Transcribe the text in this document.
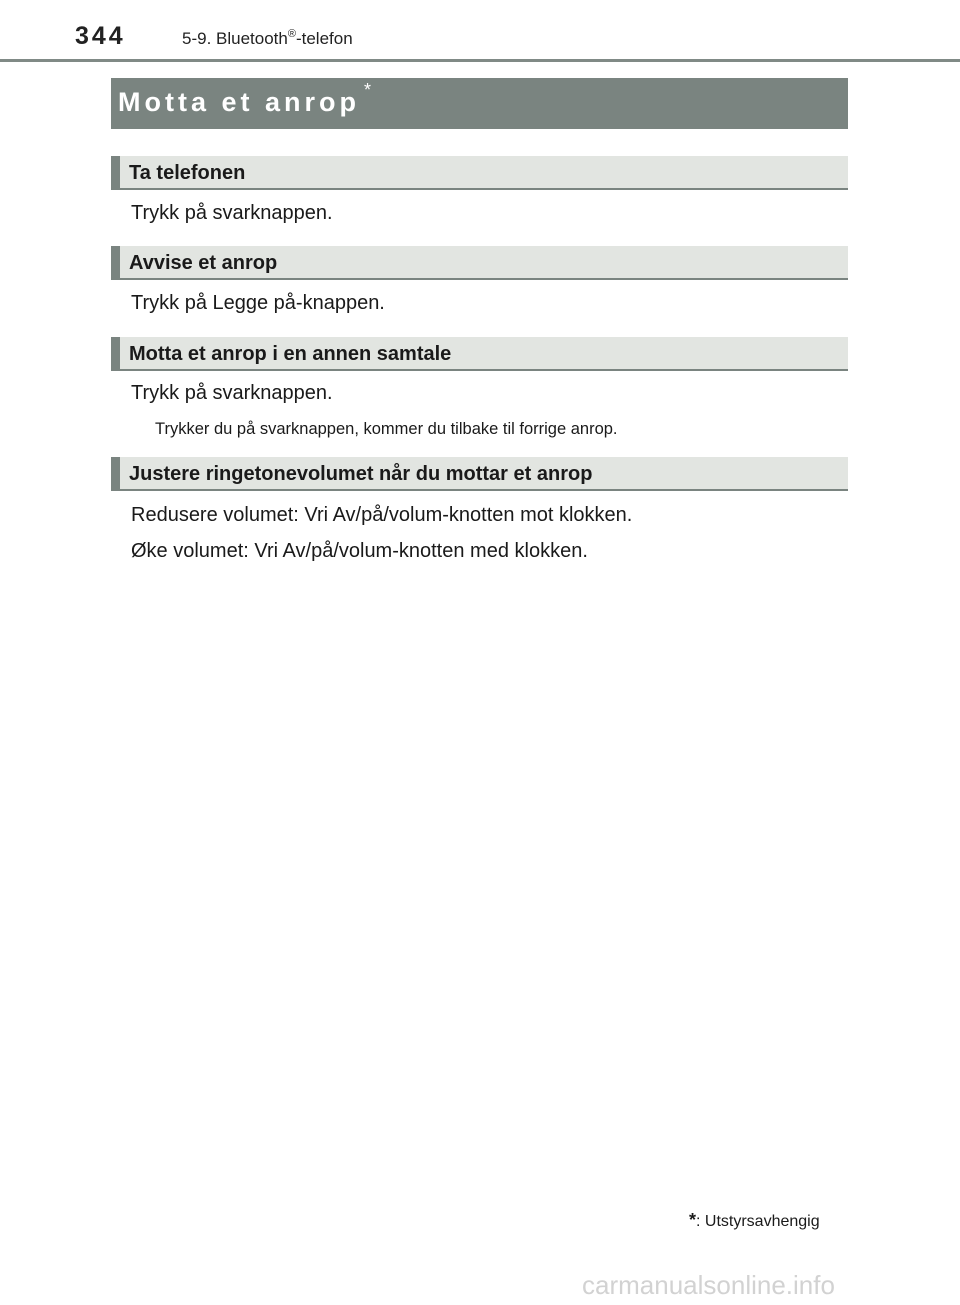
344	5-9. Bluetooth®-telefon
Motta et anrop *
Ta telefonen
Trykk på svarknappen.
Avvise et anrop
Trykk på Legge på-knappen.
Motta et anrop i en annen samtale
Trykk på svarknappen.
Trykker du på svarknappen, kommer du tilbake til forrige anrop.
Justere ringetonevolumet når du mottar et anrop
Redusere volumet: Vri Av/på/volum-knotten mot klokken.
Øke volumet: Vri Av/på/volum-knotten med klokken.
*: Utstyrsavhengig
carmanualsonline.info
